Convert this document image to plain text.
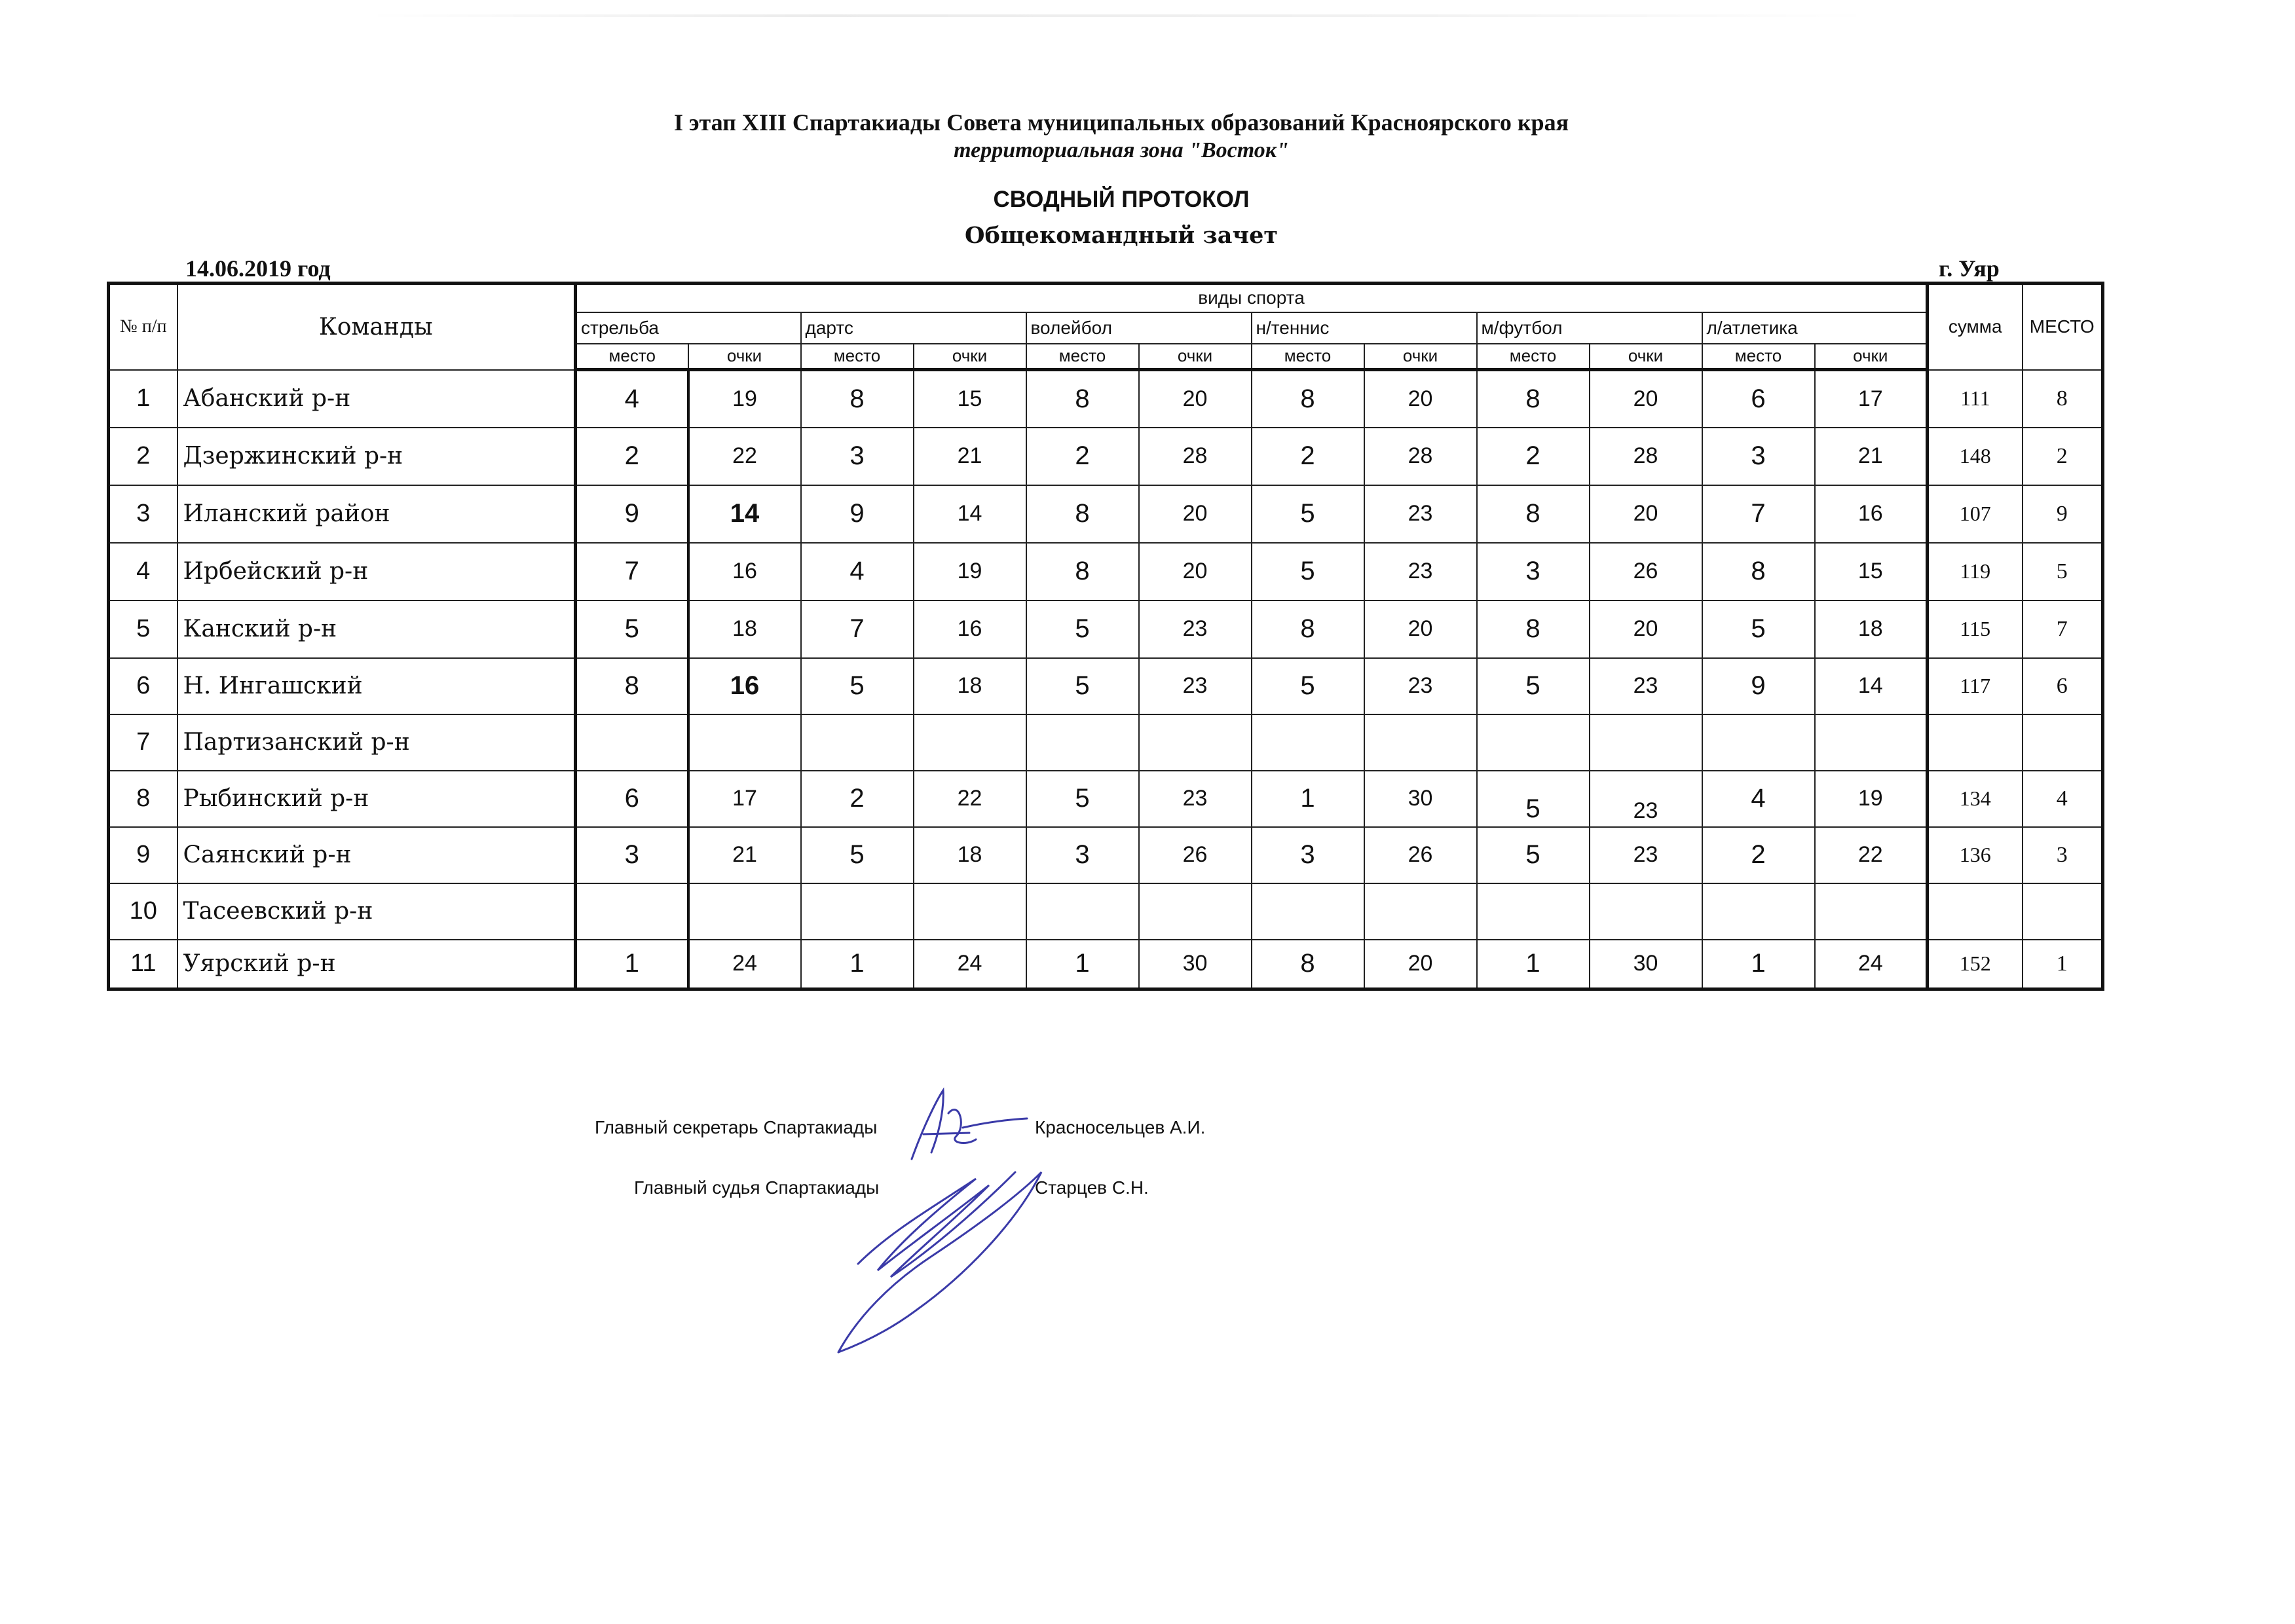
I этап XIII Спартакиады Совета муниципальных образований Красноярского края
территориальная зона "Восток"
СВОДНЫЙ ПРОТОКОЛ
Общекомандный зачет
14.06.2019 год	г. Уяр
№ п/п	Команды	виды спорта												сумма	МЕСТО
		стрельба		дартс		волейбол		н/теннис		м/футбол		л/атлетика			
		место	очки	место	очки	место	очки	место	очки	место	очки	место	очки		
1	Абанский р-н	4	19	8	15	8	20	8	20	8	20	6	17	111	8
2	Дзержинский р-н	2	22	3	21	2	28	2	28	2	28	3	21	148	2
3	Иланский район	9	14	9	14	8	20	5	23	8	20	7	16	107	9
4	Ирбейский р-н	7	16	4	19	8	20	5	23	3	26	8	15	119	5
5	Канский р-н	5	18	7	16	5	23	8	20	8	20	5	18	115	7
6	Н. Ингашский	8	16	5	18	5	23	5	23	5	23	9	14	117	6
7	Партизанский р-н														
8	Рыбинский р-н	6	17	2	22	5	23	1	30	5	23	4	19	134	4
9	Саянский р-н	3	21	5	18	3	26	3	26	5	23	2	22	136	3
10	Тасеевский р-н														
11	Уярский р-н	1	24	1	24	1	30	8	20	1	30	1	24	152	1
Главный секретарь Спартакиады	Красносельцев А.И.
Главный судья Спартакиады	Старцев С.Н.
